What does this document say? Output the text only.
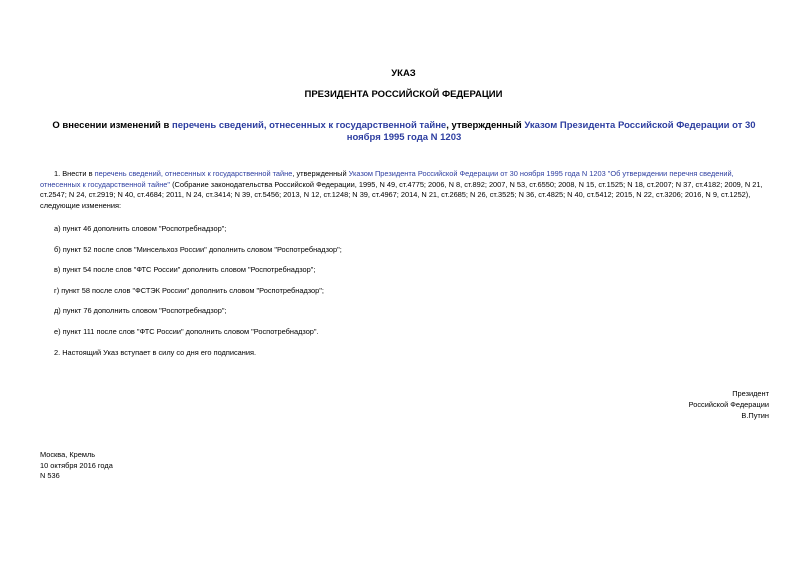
УКАЗ
ПРЕЗИДЕНТА РОССИЙСКОЙ ФЕДЕРАЦИИ
О внесении изменений в перечень сведений, отнесенных к государственной тайне, утвержденный Указом Президента Российской Федерации от 30 ноября 1995 года N 1203
1. Внести в перечень сведений, отнесенных к государственной тайне, утвержденный Указом Президента Российской Федерации от 30 ноября 1995 года N 1203 "Об утверждении перечня сведений, отнесенных к государственной тайне" (Собрание законодательства Российской Федерации, 1995, N 49, ст.4775; 2006, N 8, ст.892; 2007, N 53, ст.6550; 2008, N 15, ст.1525; N 18, ст.2007; N 37, ст.4182; 2009, N 21, ст.2547; N 24, ст.2919; N 40, ст.4684; 2011, N 24, ст.3414; N 39, ст.5456; 2013, N 12, ст.1248; N 39, ст.4967; 2014, N 21, ст.2685; N 26, ст.3525; N 36, ст.4825; N 40, ст.5412; 2015, N 22, ст.3206; 2016, N 9, ст.1252), следующие изменения:
а) пункт 46 дополнить словом "Роспотребнадзор";
б) пункт 52 после слов "Минсельхоз России" дополнить словом "Роспотребнадзор";
в) пункт 54 после слов "ФТС России" дополнить словом "Роспотребнадзор";
г) пункт 58 после слов "ФСТЭК России" дополнить словом "Роспотребнадзор";
д) пункт 76 дополнить словом "Роспотребнадзор";
е) пункт 111 после слов "ФТС России" дополнить словом "Роспотребнадзор".
2. Настоящий Указ вступает в силу со дня его подписания.
Президент
Российской Федерации
В.Путин
Москва, Кремль
10 октября 2016 года
N 536
